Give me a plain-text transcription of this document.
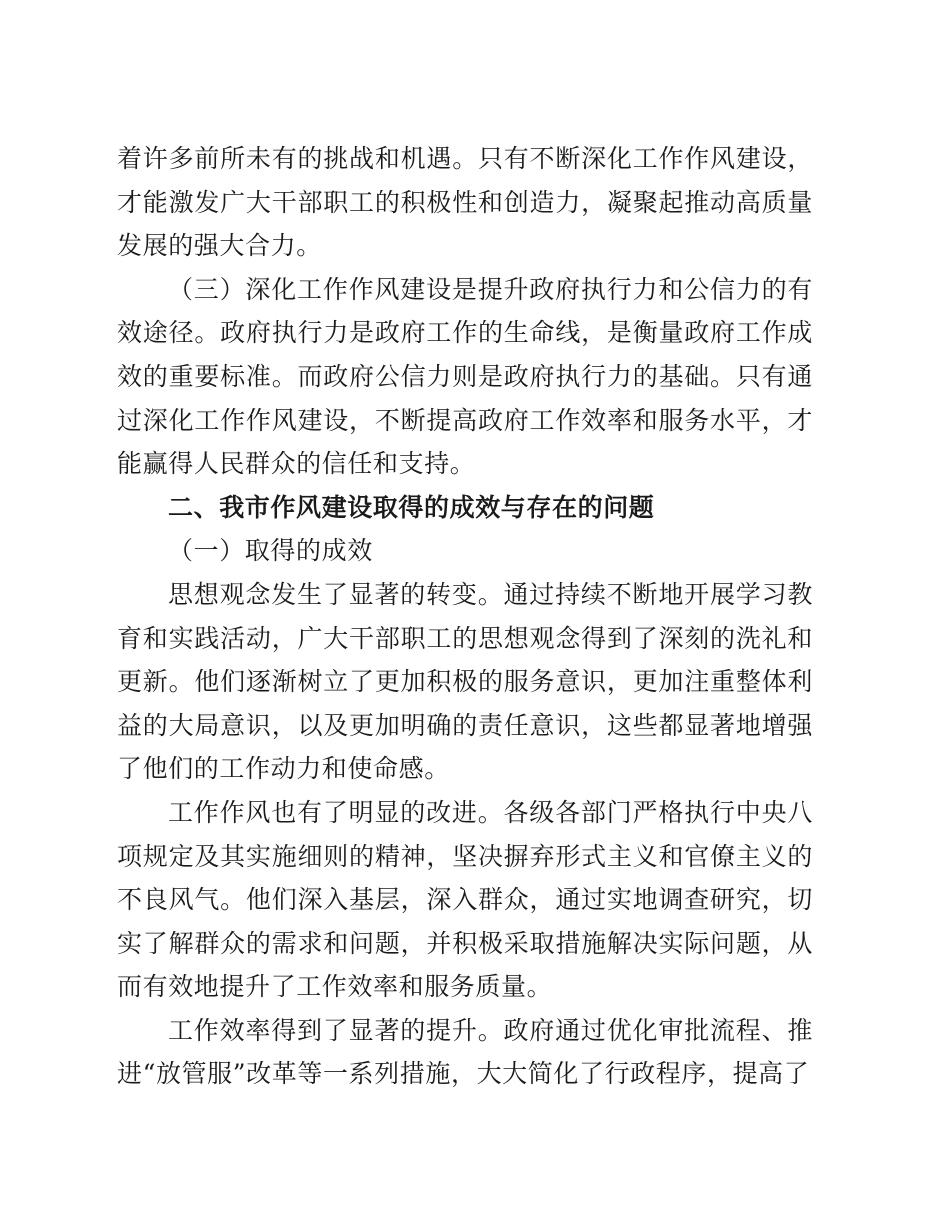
着许多前所未有的挑战和机遇。只有不断深化工作作风建设，才能激发广大干部职工的积极性和创造力，凝聚起推动高质量发展的强大合力。

（三）深化工作作风建设是提升政府执行力和公信力的有效途径。政府执行力是政府工作的生命线，是衡量政府工作成效的重要标准。而政府公信力则是政府执行力的基础。只有通过深化工作作风建设，不断提高政府工作效率和服务水平，才能赢得人民群众的信任和支持。

二、我市作风建设取得的成效与存在的问题

（一）取得的成效

思想观念发生了显著的转变。通过持续不断地开展学习教育和实践活动，广大干部职工的思想观念得到了深刻的洗礼和更新。他们逐渐树立了更加积极的服务意识，更加注重整体利益的大局意识，以及更加明确的责任意识，这些都显著地增强了他们的工作动力和使命感。

工作作风也有了明显的改进。各级各部门严格执行中央八项规定及其实施细则的精神，坚决摒弃形式主义和官僚主义的不良风气。他们深入基层，深入群众，通过实地调查研究，切实了解群众的需求和问题，并积极采取措施解决实际问题，从而有效地提升了工作效率和服务质量。

工作效率得到了显著的提升。政府通过优化审批流程、推进“放管服”改革等一系列措施，大大简化了行政程序，提高了
